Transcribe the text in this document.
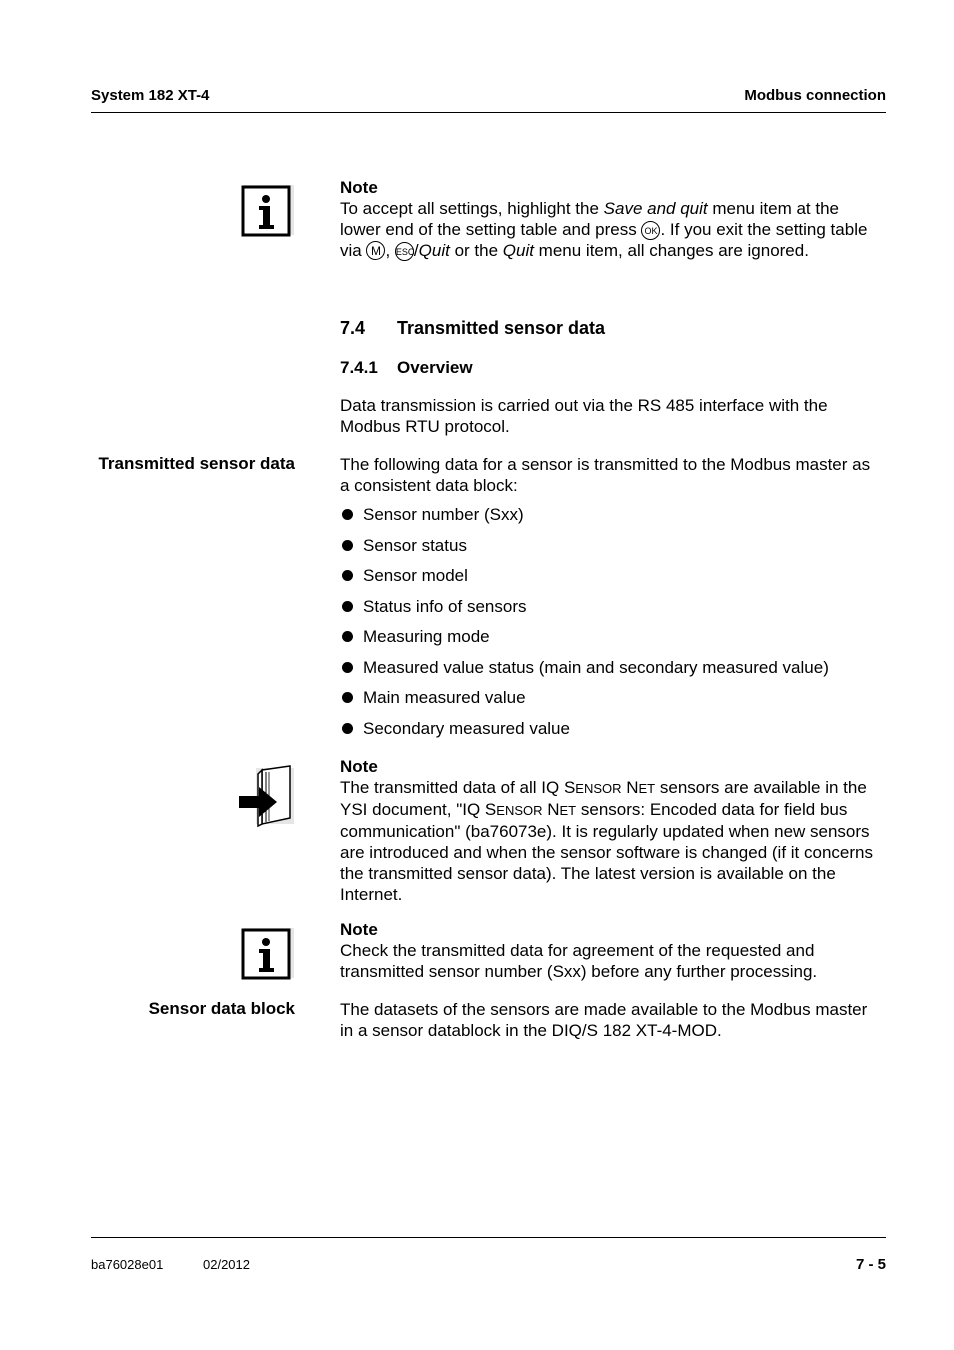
System 182 XT-4	Modbus connection
Note
To accept all settings, highlight the Save and quit menu item at the
lower end of the setting table and press OK . If you exit the setting table
via M , ESC/Quit or the Quit menu item, all changes are ignored.
7.4 Transmitted sensor data
7.4.1 Overview
Data transmission is carried out via the RS 485 interface with the
Modbus RTU protocol.
Transmitted sensor data	The following data for a sensor is transmitted to the Modbus master as
a consistent data block:
Sensor number (Sxx)
Sensor status
Sensor model
Status info of sensors
Measuring mode
Measured value status (main and secondary measured value)
Main measured value
Secondary measured value
Note
The transmitted data of all IQ SENSOR NET sensors are available in the
YSI document, "IQ SENSOR NET sensors: Encoded data for field bus
communication" (ba76073e). It is regularly updated when new sensors
are introduced and when the sensor software is changed (if it concerns
the transmitted sensor data). The latest version is available on the
Internet.
Note
Check the transmitted data for agreement of the requested and
transmitted sensor number (Sxx) before any further processing.
Sensor data block	The datasets of the sensors are made available to the Modbus master
in a sensor datablock in the DIQ/S 182 XT-4-MOD.
ba76028e01	02/2012	7 - 5
